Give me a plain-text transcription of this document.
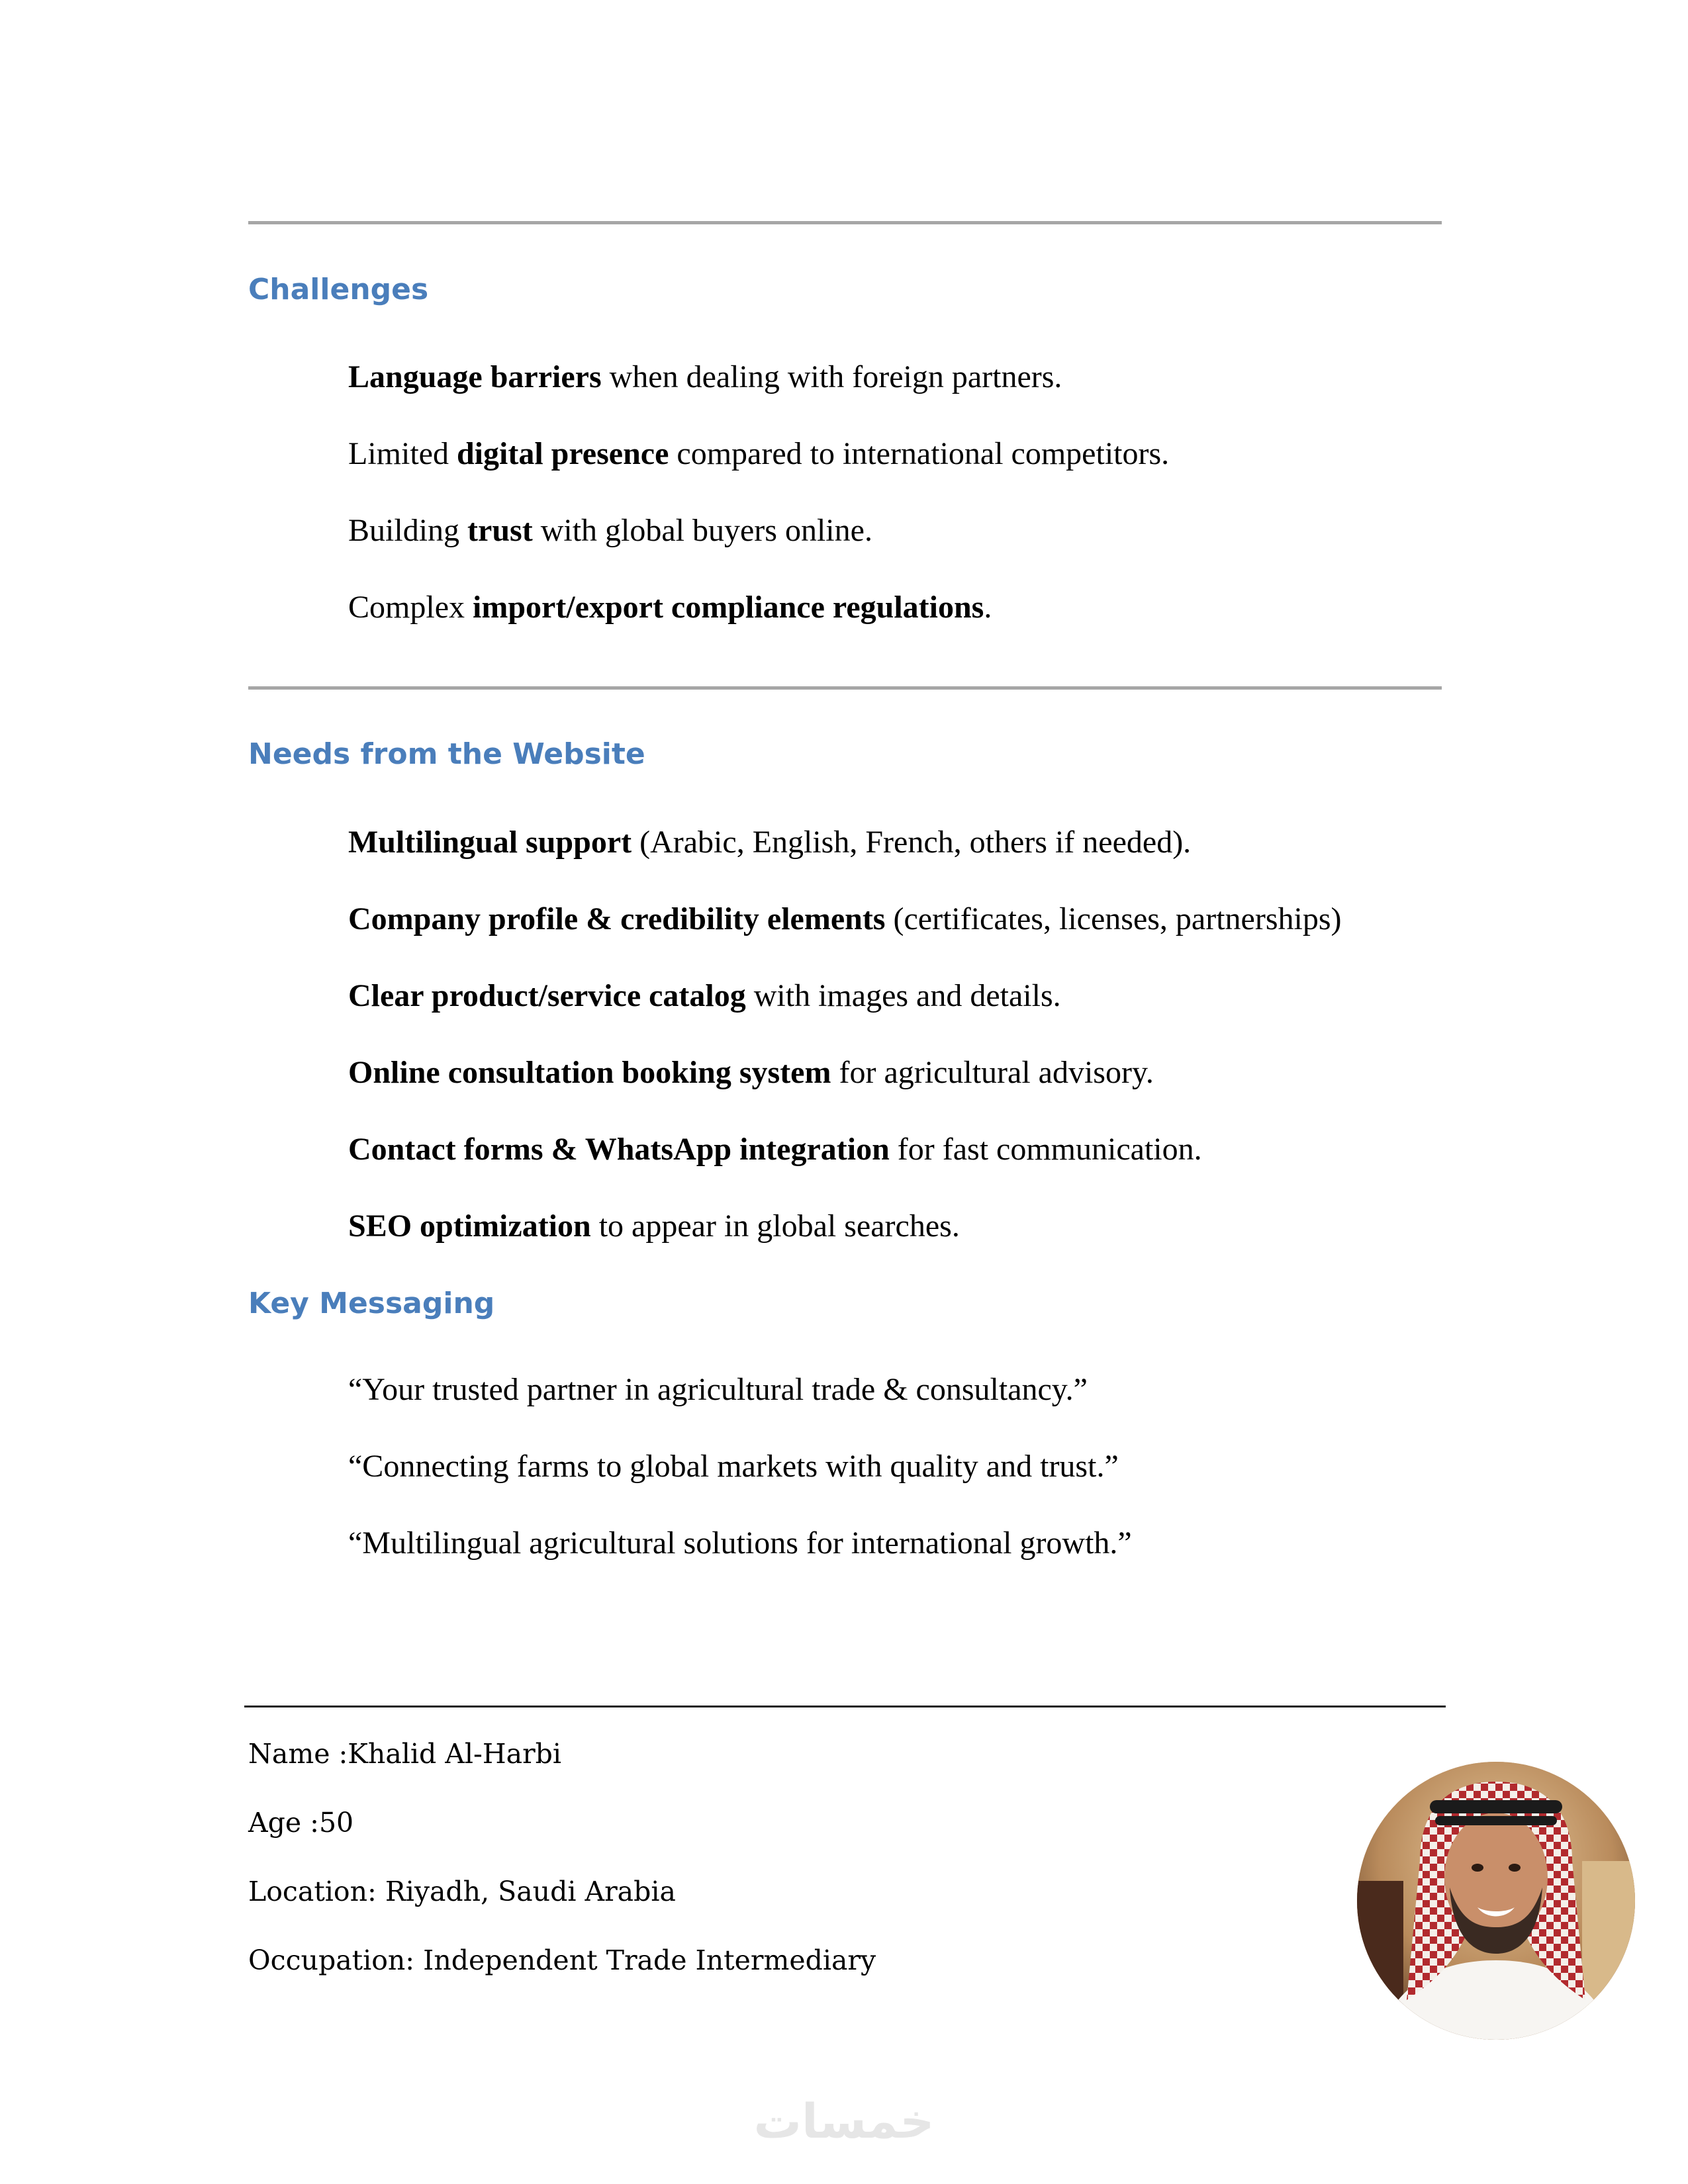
Challenges
Language barriers when dealing with foreign partners.
Limited digital presence compared to international competitors.
Building trust with global buyers online.
Complex import/export compliance regulations.
Needs from the Website
Multilingual support (Arabic, English, French, others if needed).
Company profile & credibility elements (certificates, licenses, partnerships)
Clear product/service catalog with images and details.
Online consultation booking system for agricultural advisory.
Contact forms & WhatsApp integration for fast communication.
SEO optimization to appear in global searches.
Key Messaging
“Your trusted partner in agricultural trade & consultancy.”
“Connecting farms to global markets with quality and trust.”
“Multilingual agricultural solutions for international growth.”
Name :Khalid Al-Harbi
Age :50
Location: Riyadh, Saudi Arabia
Occupation: Independent Trade Intermediary
خمسات
